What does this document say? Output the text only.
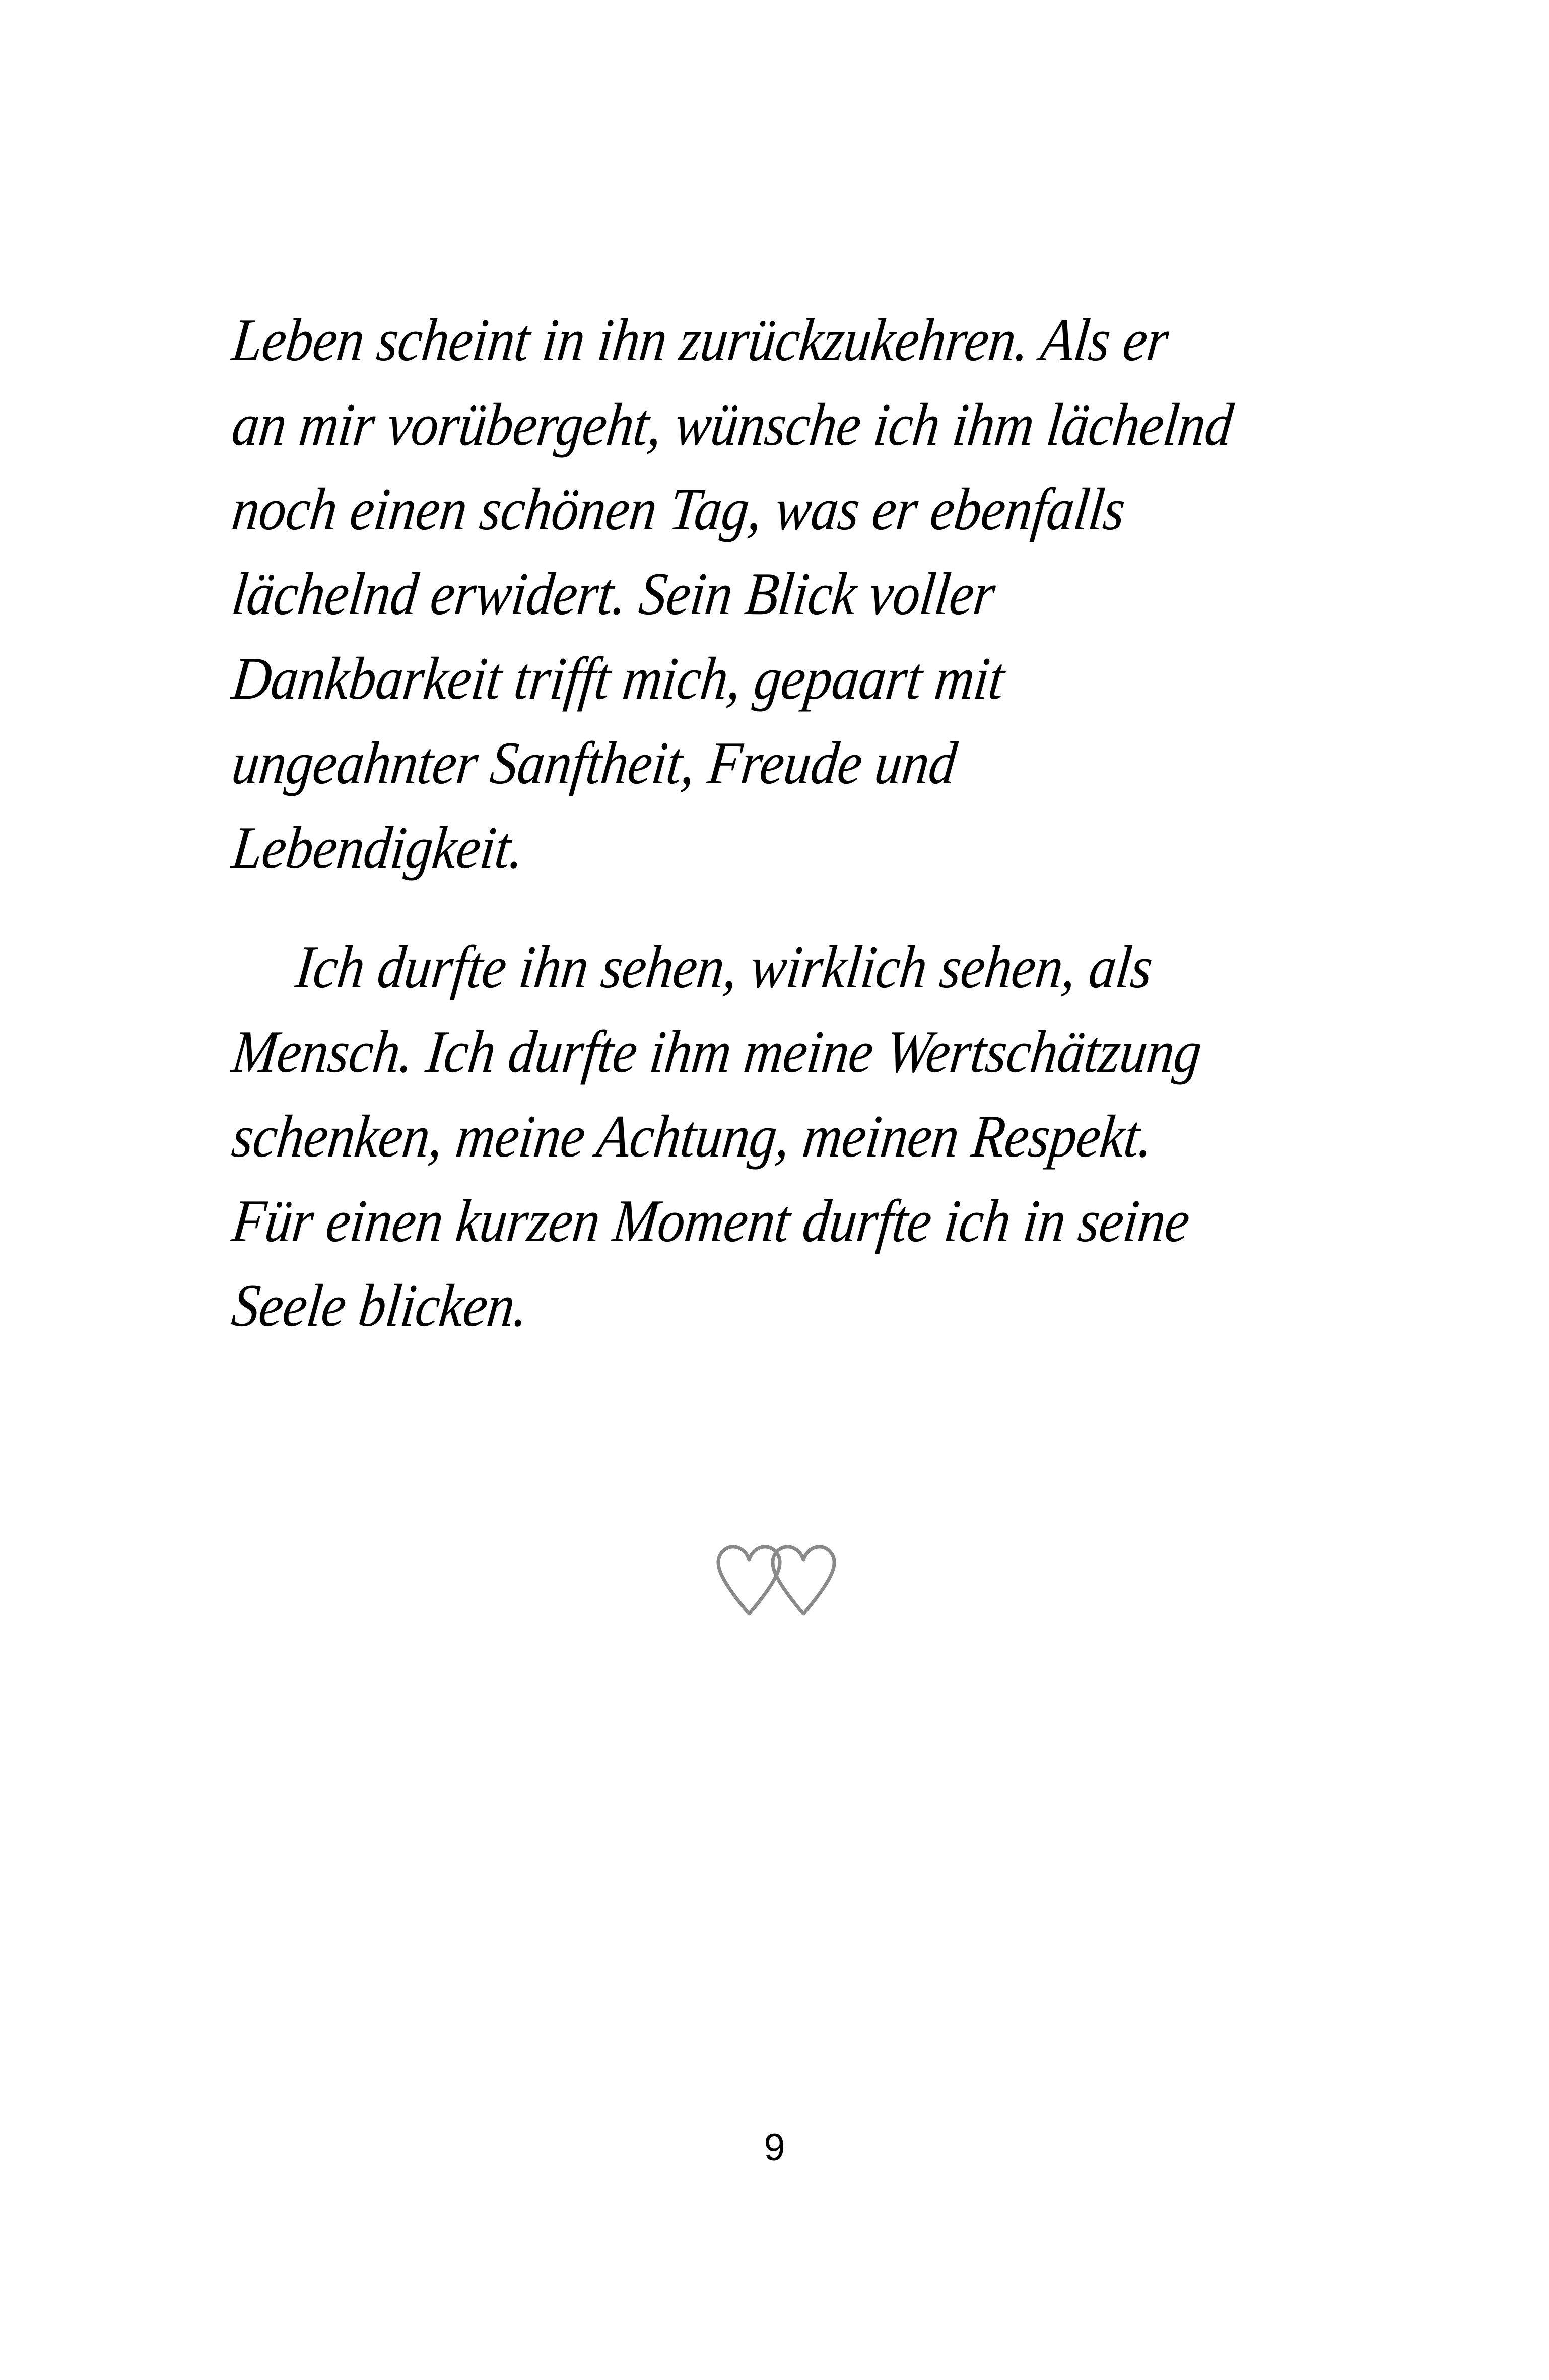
Leben scheint in ihn zurückzukehren. Als er
an mir vorübergeht, wünsche ich ihm lächelnd
noch einen schönen Tag, was er ebenfalls
lächelnd erwidert. Sein Blick voller
Dankbarkeit trifft mich, gepaart mit
ungeahnter Sanftheit, Freude und
Lebendigkeit.

Ich durfte ihn sehen, wirklich sehen, als
Mensch. Ich durfte ihm meine Wertschätzung
schenken, meine Achtung, meinen Respekt.
Für einen kurzen Moment durfte ich in seine
Seele blicken.

9
